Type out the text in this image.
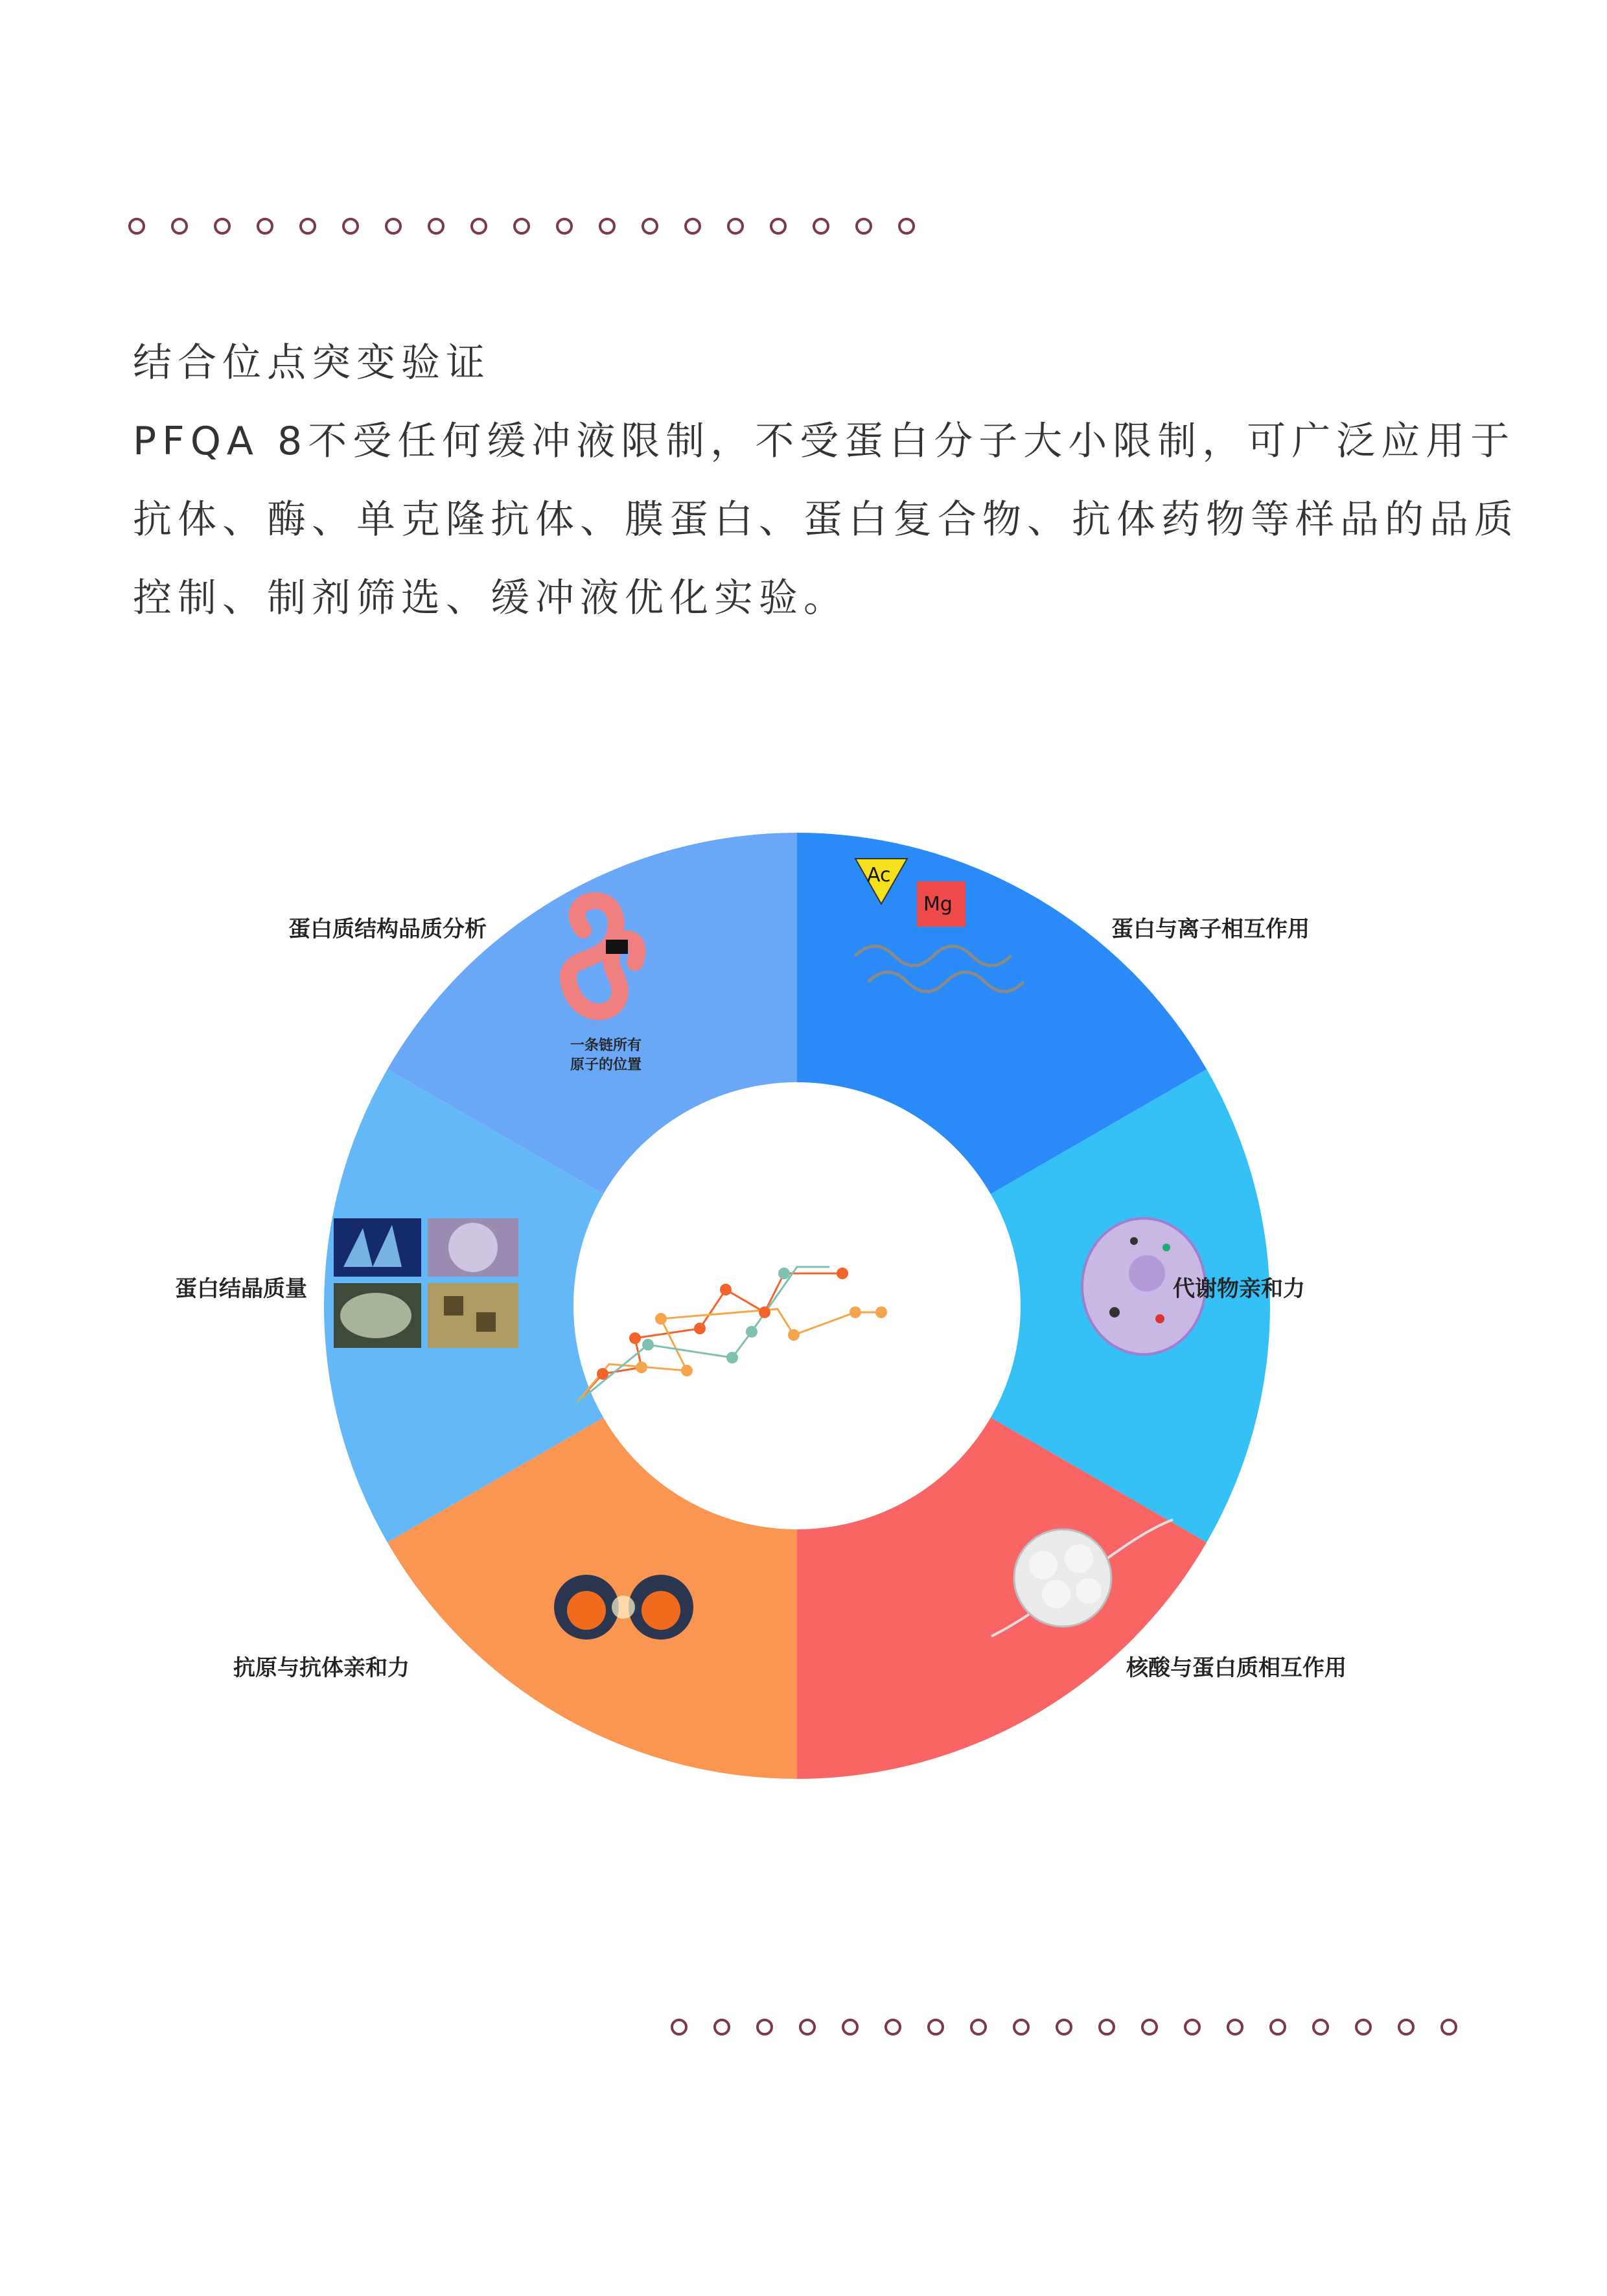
结合位点突变验证
PFQA 8不受任何缓冲液限制，不受蛋白分子大小限制，可广泛应用于
抗体、酶、单克隆抗体、膜蛋白、蛋白复合物、抗体药物等样品的品质
控制、制剂筛选、缓冲液优化实验。
一条链所有
原子的位置
Ac
Mg
蛋白质结构品质分析	蛋白与离子相互作用
代谢物亲和力
核酸与蛋白质相互作用
抗原与抗体亲和力
蛋白结晶质量
